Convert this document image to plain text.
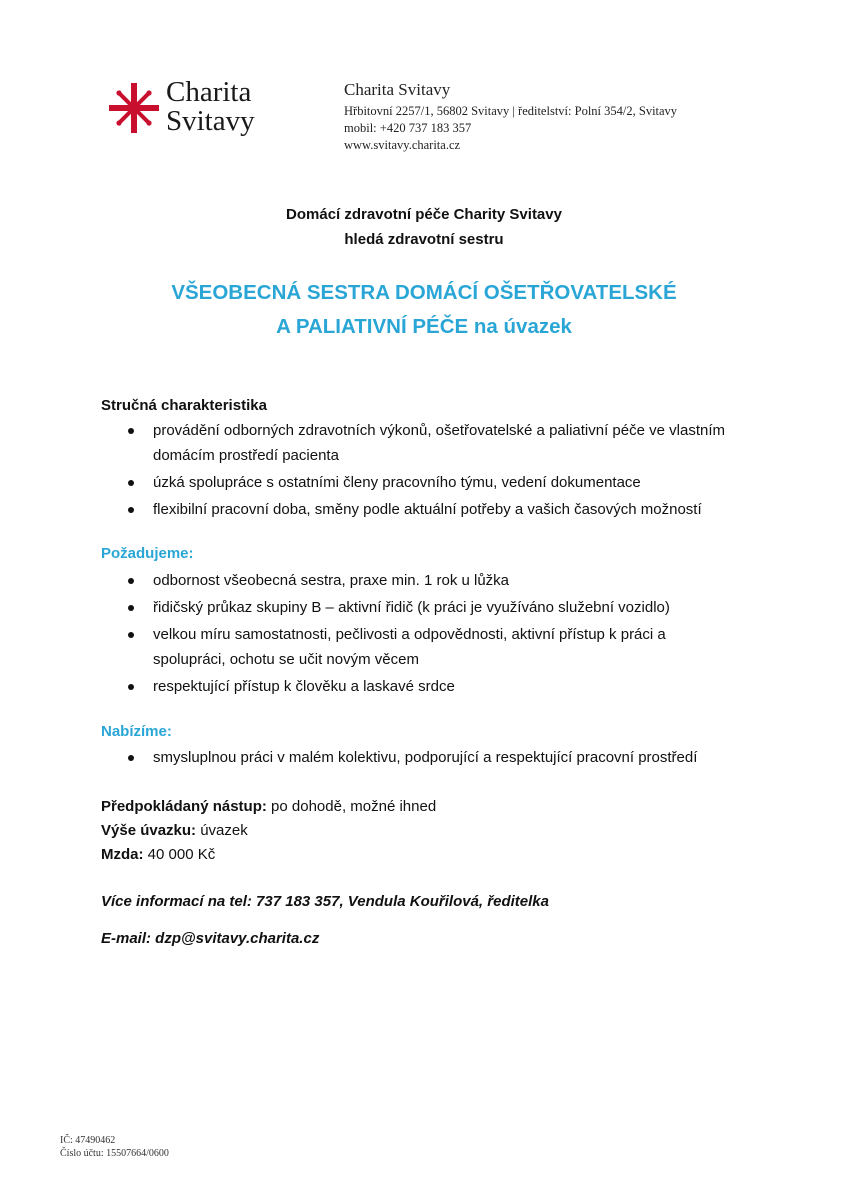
Charita
Svitavy
Charita Svitavy
Hřbitovní 2257/1, 56802 Svitavy | ředitelství: Polní 354/2, Svitavy
mobil: +420 737 183 357
www.svitavy.charita.cz
Domácí zdravotní péče Charity Svitavy
hledá zdravotní sestru
VŠEOBECNÁ SESTRA DOMÁCÍ OŠETŘOVATELSKÉ
A PALIATIVNÍ PÉČE na úvazek
Stručná charakteristika
provádění odborných zdravotních výkonů, ošetřovatelské a paliativní péče ve vlastním domácím prostředí pacienta
úzká spolupráce s ostatními členy pracovního týmu, vedení dokumentace
flexibilní pracovní doba, směny podle aktuální potřeby a vašich časových možností
Požadujeme:
odbornost všeobecná sestra, praxe min. 1 rok u lůžka
řidičský průkaz skupiny B – aktivní řidič (k práci je využíváno služební vozidlo)
velkou míru samostatnosti, pečlivosti a odpovědnosti, aktivní přístup k práci a spolupráci, ochotu se učit novým věcem
respektující přístup k člověku a laskavé srdce
Nabízíme:
smysluplnou práci v malém kolektivu, podporující a respektující pracovní prostředí
Předpokládaný nástup: po dohodě, možné ihned
Výše úvazku: úvazek
Mzda: 40 000 Kč
Více informací na tel: 737 183 357, Vendula Kouřilová, ředitelka
E-mail: dzp@svitavy.charita.cz
IČ: 47490462
Číslo účtu: 15507664/0600
